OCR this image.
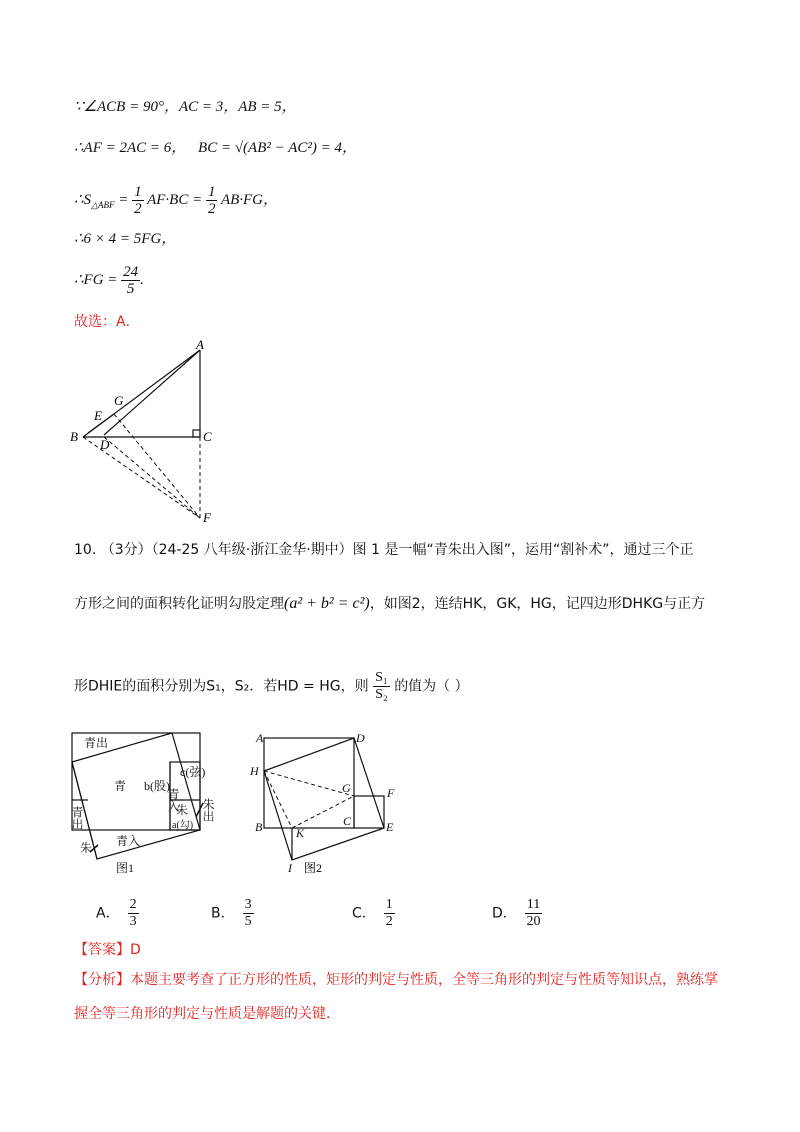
∵∠ACB = 90°，AC = 3，AB = 5，
∴AF = 2AC = 6， BC = √(AB² − AC²) = 4，
$\therefore S_{\triangle ABF} = \frac{1}{2} AF\cdot BC = \frac{1}{2} AB\cdot FG$，
∴6 × 4 = 5FG，
∴FG = $\frac{24}{5}$ .
故选：A．
A
B	C
D
E
F
G
10. （3分）（24-25 八年级·浙江金华·期中）图 1 是一幅“青朱出入图”，运用“割补术”，通过三个正
方形之间的面积转化证明勾股定理(a² + b² = c²)，如图2，连结HK，GK，HG，记四边形DHKG与正方
形DHIE的面积分别为S₁，S₂．若HD = HG，则 $\frac{\text{S₁}}{\text{S₂}}$ 的值为（ ）
青出
青 b(股)
c(弦)
青入
朱 朱出
a(勾)
青出
青入
朱
图1
A	D
H
G	F
B	K
C	E
I 图2
A． $\frac{2}{3}$	B． $\frac{3}{5}$	C． $\frac{1}{2}$	D． $\frac{11}{20}$
【答案】D
【分析】本题主要考查了正方形的性质，矩形的判定与性质，全等三角形的判定与性质等知识点，熟练掌
握全等三角形的判定与性质是解题的关键.
